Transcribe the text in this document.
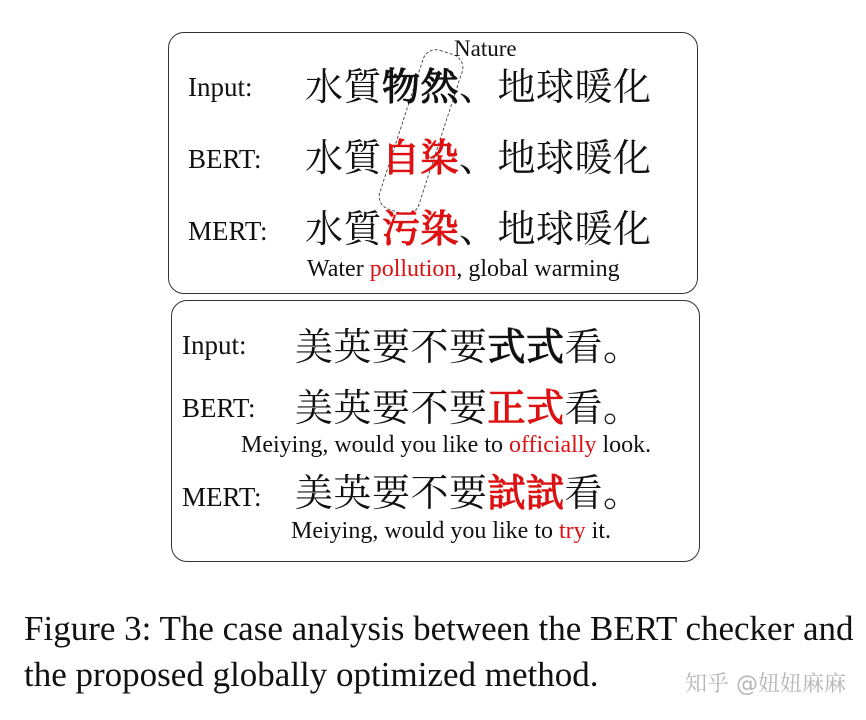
Nature
Input: 水質物然、地球暖化
BERT: 水質自染、地球暖化
MERT: 水質污染、地球暖化
Water pollution, global warming
Input: 美英要不要式式看。
BERT: 美英要不要正式看。
Meiying, would you like to officially look.
MERT: 美英要不要試試看。
Meiying, would you like to try it.
Figure 3: The case analysis between the BERT checker and the proposed globally optimized method.	知乎 @妞妞麻麻
